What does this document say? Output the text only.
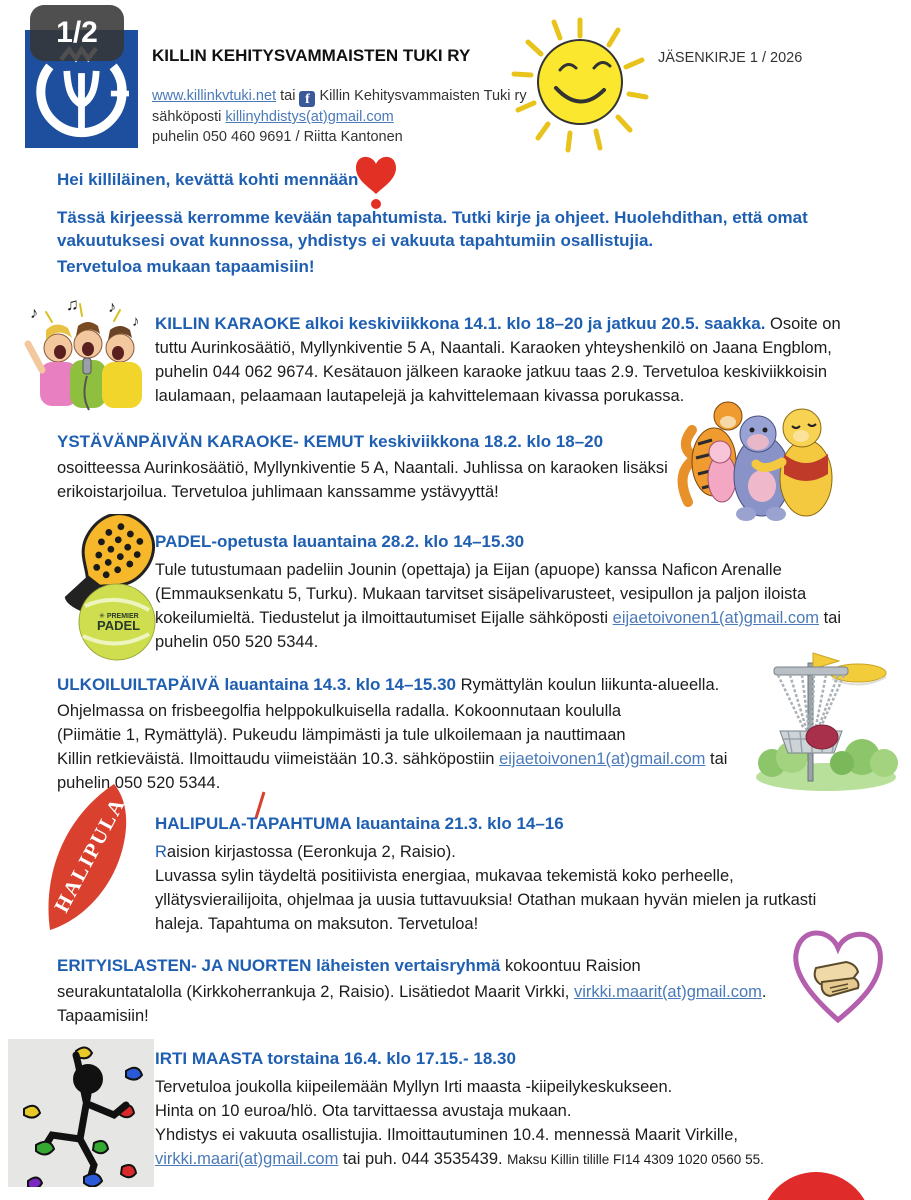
1/2
KILLIN KEHITYSVAMMAISTEN TUKI RY
www.killinkvtuki.net tai f Killin Kehitysvammaisten Tuki ry
sähköposti killinyhdistys(at)gmail.com
puhelin 050 460 9691 / Riitta Kantonen
JÄSENKIRJE 1 / 2026
Hei killiläinen, kevättä kohti mennään
Tässä kirjeessä kerromme kevään tapahtumista. Tutki kirje ja ohjeet. Huolehdithan, että omat
vakuutuksesi ovat kunnossa, yhdistys ei vakuuta tapahtumiin osallistujia.
Tervetuloa mukaan tapaamisiin!
♪ ♫ ♪
♪ KILLIN KARAOKE alkoi keskiviikkona 14.1. klo 18–20 ja jatkuu 20.5. saakka. Osoite on
tuttu Aurinkosäätiö, Myllynkiventie 5 A, Naantali. Karaoken yhteyshenkilö on Jaana Engblom,
puhelin 044 062 9674. Kesätauon jälkeen karaoke jatkuu taas 2.9. Tervetuloa keskiviikkoisin
laulamaan, pelaamaan lautapelejä ja kahvittelemaan kivassa porukassa.
YSTÄVÄNPÄIVÄN KARAOKE- KEMUT keskiviikkona 18.2. klo 18–20
osoitteessa Aurinkosäätiö, Myllynkiventie 5 A, Naantali. Juhlissa on karaoken lisäksi
erikoistarjoilua. Tervetuloa juhlimaan kanssamme ystävyyttä!
✳ PREMIER
PADEL
PADEL-opetusta lauantaina 28.2. klo 14–15.30
Tule tutustumaan padeliin Jounin (opettaja) ja Eijan (apuope) kanssa Naficon Arenalle
(Emmauksenkatu 5, Turku). Mukaan tarvitset sisäpelivarusteet, vesipullon ja paljon iloista
kokeilumieltä. Tiedustelut ja ilmoittautumiset Eijalle sähköposti eijaetoivonen1(at)gmail.com tai
puhelin 050 520 5344.
ULKOILUILTAPÄIVÄ lauantaina 14.3. klo 14–15.30 Rymättylän koulun liikunta-alueella.
Ohjelmassa on frisbeegolfia helppokulkuisella radalla. Kokoonnutaan koululla
(Piimätie 1, Rymättylä). Pukeudu lämpimästi ja tule ulkoilemaan ja nauttimaan
Killin retkieväistä. Ilmoittaudu viimeistään 10.3. sähköpostiin eijaetoivonen1(at)gmail.com tai
puhelin 050 520 5344.
HALIPULA HALIPULA-TAPAHTUMA lauantaina 21.3. klo 14–16
Raision kirjastossa (Eeronkuja 2, Raisio).
Luvassa sylin täydeltä positiivista energiaa, mukavaa tekemistä koko perheelle,
yllätysvierailijoita, ohjelmaa ja uusia tuttavuuksia! Otathan mukaan hyvän mielen ja rutkasti
haleja. Tapahtuma on maksuton. Tervetuloa!
ERITYISLASTEN- JA NUORTEN läheisten vertaisryhmä kokoontuu Raision
seurakuntatalolla (Kirkkoherrankuja 2, Raisio). Lisätiedot Maarit Virkki, virkki.maarit(at)gmail.com.
Tapaamisiin!
IRTI MAASTA torstaina 16.4. klo 17.15.- 18.30
Tervetuloa joukolla kiipeilemään Myllyn Irti maasta -kiipeilykeskukseen.
Hinta on 10 euroa/hlö. Ota tarvittaessa avustaja mukaan.
Yhdistys ei vakuuta osallistujia. Ilmoittautuminen 10.4. mennessä Maarit Virkille,
virkki.maari(at)gmail.com tai puh. 044 3535439. Maksu Killin tilille FI14 4309 1020 0560 55.
